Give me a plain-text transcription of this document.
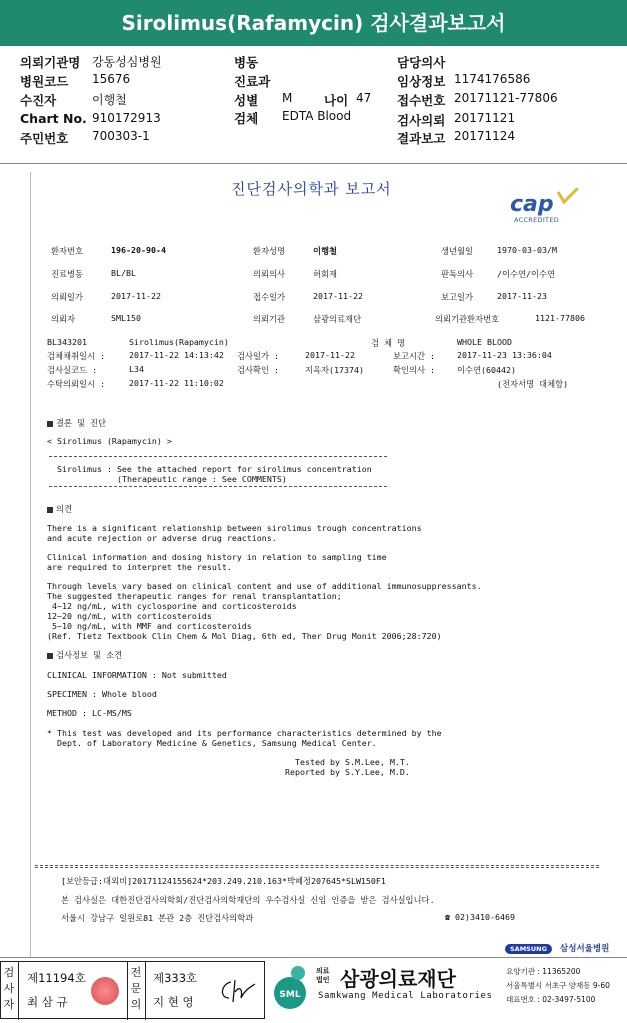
Sirolimus(Rafamycin) 검사결과보고서
의뢰기관명 강동성심병원
병원코드 15676
수진자	이행철
Chart No. 910172913
주민번호 700303-1
병동
진료과
성별 M	나이 47
검체 EDTA Blood
담당의사
임상정보 1174176586
접수번호 20171121-77806
검사의뢰 20171121
결과보고 20171124
진단검사의학과 보고서
cap
ACCREDITED
환자번호	196-20-90-4	환자성명	이행철	생년월일	1970-03-03/M
진료병동	BL/BL	의뢰의사	허회재	판독의사	/이수연/이수연
의뢰일가	2017-11-22	접수일가	2017-11-22	보고일가	2017-11-23
의뢰자	SML150	의뢰기관	삼광의료재단	의뢰기관환자번호	1121-77806
BL343201	Sirolimus(Rapamycin)	검 체 명	WHOLE BLOOD
검체채취일시 :	2017-11-22 14:13:42 검사일가 :	2017-11-22	보고시간 :	2017-11-23 13:36:04
검사실코드 :	L34	검사확인 :	지옥자(17374)	확인의사 :	이수연(60442)
수탁의뢰일시 :	2017-11-22 11:10:02	(전자서명 대체함)
결론 및 진단
< Sirolimus (Rapamycin) >
Sirolimus : See the attached report for sirolimus concentration
(Therapeutic range : See COMMENTS)
의견
There is a significant relationship between sirolimus trough concentrations
and acute rejection or adverse drug reactions.
Clinical information and dosing history in relation to sampling time
are required to interpret the result.
Through levels vary based on clinical content and use of additional immunosuppressants.
The suggested therapeutic ranges for renal transplantation;
4~12 ng/mL, with cyclosporine and corticosteroids
12~20 ng/mL, with corticosteroids
5~10 ng/mL, with MMF and corticosteroids
(Ref. Tietz Textbook Clin Chem & Mol Diag, 6th ed, Ther Drug Monit 2006;28:720)
검사정보 및 소견
CLINICAL INFORMATION : Not submitted
SPECIMEN : Whole blood
METHOD : LC-MS/MS
* This test was developed and its performance characteristics determined by the
Dept. of Laboratory Medicine & Genetics, Samsung Medical Center.
Tested by S.M.Lee, M.T.
Reported by S.Y.Lee, M.D.
[보안등급:대외비]20171124155624*203.249.210.163*박혜정207645*SLW150F1
본 검사실은 대한진단검사의학회/진단검사의학재단의 우수검사실 신임 인증을 받은 검사실입니다.
서울시 강남구 일원로81 본관 2층 진단검사의학과	☎ 02)3410-6469
SAMSUNG 삼성서울병원
검
사
자
제11194호
최 삼 규
전
문
의
제333호
지 현 영	SML
의료
법인 삼광의료재단
Samkwang Medical Laboratories
요양기관 : 11365200
서울특별시 서초구 양재동 9-60
대표번호 : 02-3497-5100
